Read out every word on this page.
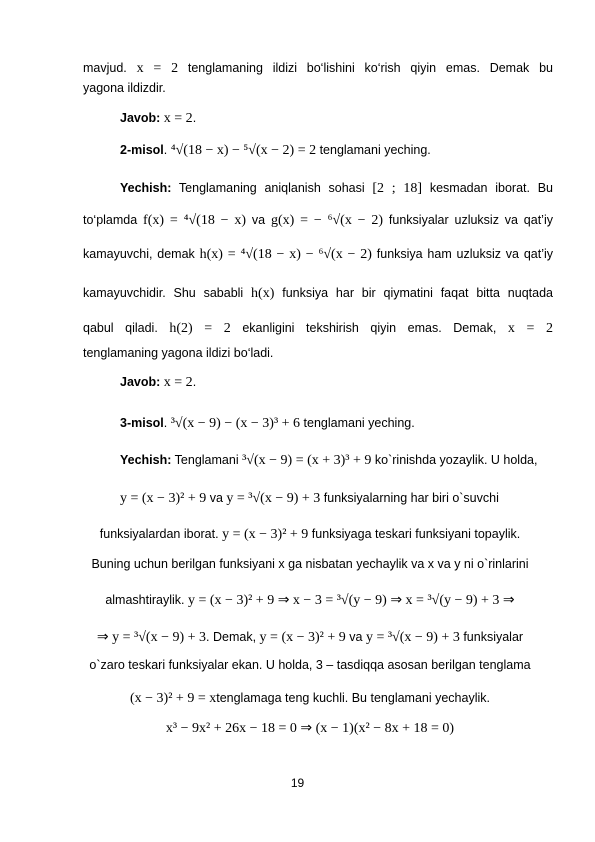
mavjud. x = 2 tenglamaning ildizi bo‘lishini ko‘rish qiyin emas. Demak bu
yagona ildizdir.
Javob: x = 2.
2-misol. ⁴√(18 − x) − ⁵√(x − 2) = 2 tenglamani yeching.
Yechish: Tenglamaning aniqlanish sohasi [2 ; 18] kesmadan iborat. Bu
to‘plamda f(x) = ⁴√(18 − x) va g(x) = − ⁶√(x − 2) funksiyalar uzluksiz va qat’iy
kamayuvchi, demak h(x) = ⁴√(18 − x) − ⁶√(x − 2) funksiya ham uzluksiz va qat’iy
kamayuvchidir. Shu sababli h(x) funksiya har bir qiymatini faqat bitta nuqtada
qabul qiladi. h(2) = 2 ekanligini tekshirish qiyin emas. Demak, x = 2
tenglamaning yagona ildizi bo‘ladi.
Javob: x = 2.
3-misol. ³√(x − 9) − (x − 3)³ + 6 tenglamani yeching.
Yechish: Tenglamani ³√(x − 9) = (x + 3)³ + 9 ko`rinishda yozaylik. U holda,
y = (x − 3)² + 9 va y = ³√(x − 9) + 3 funksiyalarning har biri o`suvchi
funksiyalardan iborat. y = (x − 3)² + 9 funksiyaga teskari funksiyani topaylik.
Buning uchun berilgan funksiyani x ga nisbatan yechaylik va x va y ni o`rinlarini
almashtiraylik. y = (x − 3)² + 9 ⇒ x − 3 = ³√(y − 9) ⇒ x = ³√(y − 9) + 3 ⇒
⇒ y = ³√(x − 9) + 3. Demak, y = (x − 3)² + 9 va y = ³√(x − 9) + 3 funksiyalar
o`zaro teskari funksiyalar ekan. U holda, 3 – tasdiqqa asosan berilgan tenglama
(x − 3)² + 9 = xtenglamaga teng kuchli. Bu tenglamani yechaylik.
x³ − 9x² + 26x − 18 = 0 ⇒ (x − 1)(x² − 8x + 18 = 0)
19
